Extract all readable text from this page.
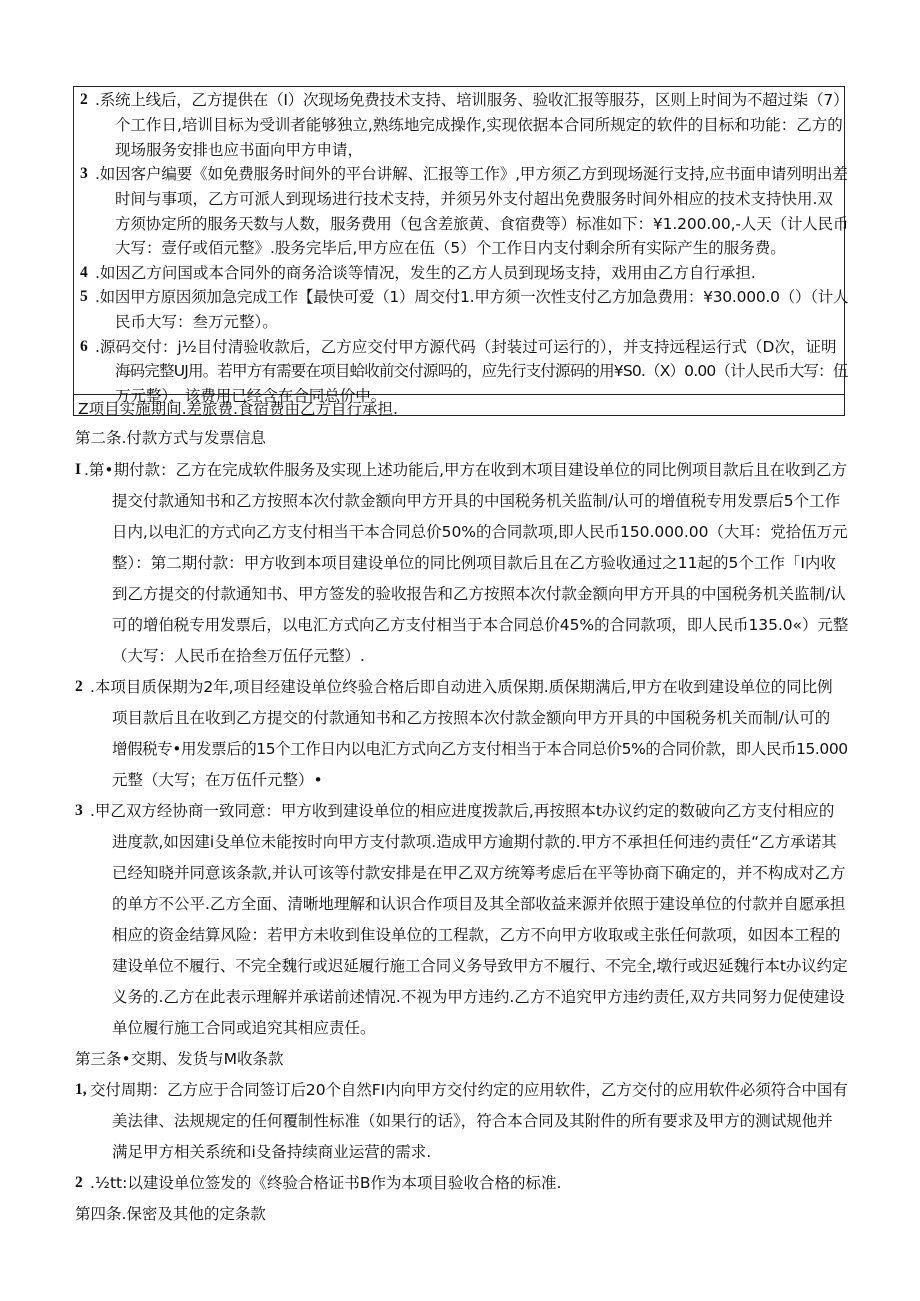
2 .系统上线后，乙方提供在（I）次现场免费技术支持、培训服务、验收汇报等服芬，区则上时间为不超过柒（7）
个工作日,培训目标为受训者能够独立,熟练地完成操作,实现依据本合同所规定的软件的目标和功能：乙方的
现场服务安排也应书面向甲方申请，
3 .如因客户编要《如免费服务时间外的平台讲解、汇报等工作》,甲方须乙方到现场涎行支持,应书面申请列明出差
时间与事项，乙方可派人到现场进行技术支持，并须另外支付超出免费服务时间外相应的技术支持快用.双
方须协定所的服务天数与人数，服务费用（包含差旅黄、食宿费等）标准如下：¥1.200.00,-人天（计人民币
大写：壹仔或佰元整》.股务完毕后,甲方应在伍（5）个工作日内支付剩余所有实际产生的服务费。
4 .如因乙方问国或本合同外的商务洽谈等情况，发生的乙方人员到现场支持，戏用由乙方自行承担.
5 .如因甲方原因须加急完成工作【最快可爱（1）周交付1.甲方须一次性支付乙方加急费用：¥30.000.0（）（计人
民币大写：叁万元整）。
6 .源码交付：j½目付清验收款后，乙方应交付甲方源代码（封装过可运行的），并支持远程运行式（D次，证明
海码完整UJ用。若甲方有需要在项目蛤收前交付源吗的，应先行支付源码的用¥S0.（X）0.00（计人民币大写：伍
万元整），该费用已经含在合同总价中。
Z项目实施期间.差旅费.食宿费由乙方自行承担.
第二条.付款方式与发票信息
I .第•期付款：乙方在完成软件服务及实现上述功能后,甲方在收到木项目建设单位的同比例项目款后且在收到乙方
提交付款通知书和乙方按照本次付款金额向甲方开具的中国税务机关监制/认可的增值税专用发票后5个工作
日内,以电汇的方式向乙方支付相当干本合同总价50%的合同款项,即人民币150.000.00（大耳：党拾伍万元
整）：第二期付款：甲方收到本项目建设单位的同比例项目款后且在乙方验收通过之11起的5个工作「I内收
到乙方提交的付款通知书、甲方签发的验收报告和乙方按照本次付款金额向甲方开具的中国税务机关监制/认
可的增伯税专用发票后，以电汇方式向乙方支付相当于本合同总价45%的合同款项，即人民币135.0«）元整
（大写：人民币在拾叁万伍仔元整）.
2 .本项目质保期为2年,项目经建设单位终验合格后即自动进入质保期.质保期满后,甲方在收到建设单位的同比例
项目款后且在收到乙方提交的付款通知书和乙方按照本次付款金额向甲方开具的中国税务机关而制/认可的
增假税专•用发票后的15个工作日内以电汇方式向乙方支付相当于本合同总价5%的合同价款，即人民币15.000
元整（大写；在万伍仟元整）•
3 .甲乙双方经协商一致同意：甲方收到建设单位的相应进度拨款后,再按照本t办议约定的数破向乙方支付相应的
进度款,如因建i殳单位未能按时向甲方支付款项.造成甲方逾期付款的.甲方不承担任何违约责任“乙方承诺其
已经知晓并同意该条款,并认可该等付款安排是在甲乙双方统筹考虑后在平等协商下确定的，并不构成对乙方
的单方不公平.乙方全面、清晰地理解和认识合作项目及其全部收益来源并依照于建设单位的付款并自愿承担
相应的资金结算风险：若甲方未收到隹设单位的工程款，乙方不向甲方收取或主张任何款项，如因本工程的
建设单位不履行、不完全魏行或迟延履行施工合同义务导致甲方不履行、不完全,墩行或迟延魏行本t办议约定
义务的.乙方在此表示理解并承诺前述情况.不视为甲方违约.乙方不追究甲方违约责任,双方共同努力促使建设
单位履行施工合同或追究其相应责任。
第三条•交期、发货与M收条款
1, 交付周期：乙方应于合同签订后20个自然FI内向甲方交付约定的应用软件，乙方交付的应用软件必须符合中国有
美法律、法规规定的任何覆制性标准（如果行的话》，符合本合同及其附件的所有要求及甲方的测试规他并
满足甲方相关系统和i殳备持续商业运营的需求.
2 .½tt:以建设单位签发的《终验合格证书B作为本项目验收合格的标准.
第四条.保密及其他的定条款
